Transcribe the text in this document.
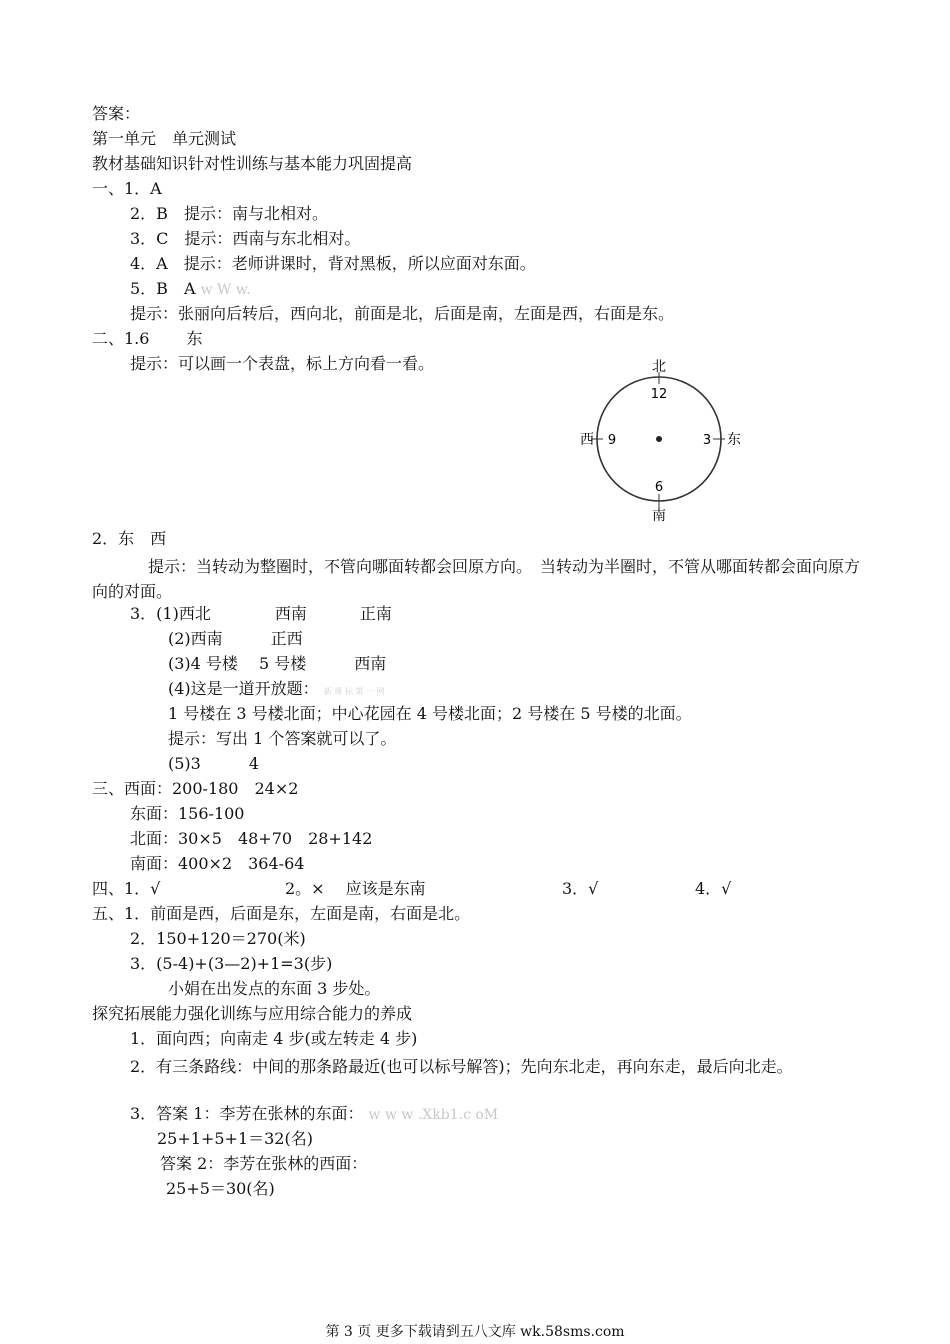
答案：
第一单元　单元测试
教材基础知识针对性训练与基本能力巩固提高
一、1．A
2．B　提示：南与北相对。
3．C　提示：西南与东北相对。
4．A　提示：老师讲课时，背对黑板，所以应面对东面。
5．B　A w W w.
提示：张丽向后转后，西向北，前面是北，后面是南，左面是西，右面是东。
二、1.6　　 东
提示：可以画一个表盘，标上方向看一看。	北
12
6
南
西 9	3 东
2．东　西
提示：当转动为整圈时，不管向哪面转都会回原方向。　当转动为半圈时，不管从哪面转都会面向原方向的对面。
3．(1)西北　　　　西南　　　 正南
(2)西南　　　正西
(3)4 号楼　 5 号楼　　　西南
(4)这是一道开放题： 新 课 标 第 一 网
1 号楼在 3 号楼北面；中心花园在 4 号楼北面；2 号楼在 5 号楼的北面。
提示：写出 1 个答案就可以了。
(5)3　　　4
三、西面：200-180　24×2
东面：156-100
北面：30×5　48+70　28+142
南面：400×2　364-64
四、1．√	2。×　 应该是东南	3．√	4．√
五、1．前面是西，后面是东，左面是南，右面是北。
2．150+120＝270(米)
3．(5-4)+(3—2)+1=3(步)
小娟在出发点的东面 3 步处。
探究拓展能力强化训练与应用综合能力的养成
1．面向西；向南走 4 步(或左转走 4 步)
2．有三条路线：中间的那条路最近(也可以标号解答)；先向东北走，再向东走，最后向北走。
3．答案 1：李芳在张林的东面： w w w .Xkb1.c oM
25+1+5+1＝32(名)
答案 2：李芳在张林的西面：
25+5＝30(名)
第 3 页 更多下载请到五八文库 wk.58sms.com
